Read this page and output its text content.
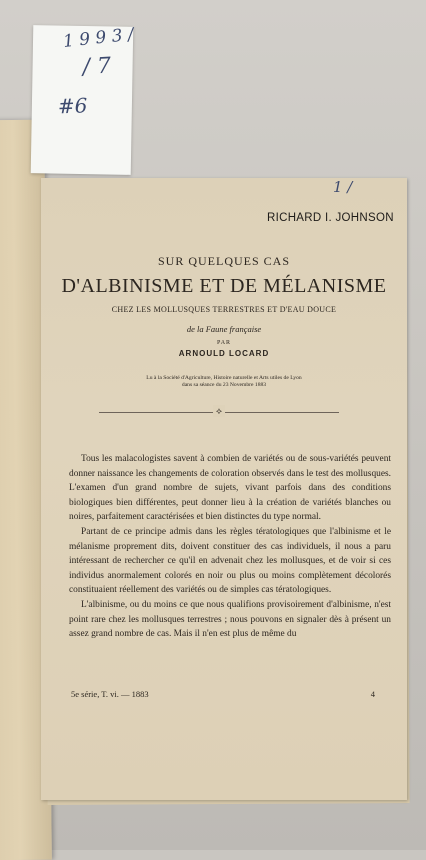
1 9 9 3 /
/ 7
#6
1 /
RICHARD I. JOHNSON
SUR QUELQUES CAS
D'ALBINISME ET DE MÉLANISME
CHEZ LES MOLLUSQUES TERRESTRES ET D'EAU DOUCE
de la Faune française
PAR
ARNOULD LOCARD
Lu à la Société d'Agriculture, Histoire naturelle et Arts utiles de Lyon
dans sa séance du 23 Novembre 1883
⟡

Tous les malacologistes savent à combien de variétés ou de sous-variétés peuvent donner naissance les changements de coloration observés dans le test des mollusques. L'examen d'un grand nombre de sujets, vivant parfois dans des conditions biologiques bien différentes, peut donner lieu à la création de variétés blanches ou noires, parfaitement caractérisées et bien distinctes du type normal.

Partant de ce principe admis dans les règles tératologiques que l'albinisme et le mélanisme proprement dits, doivent constituer des cas individuels, il nous a paru intéressant de rechercher ce qu'il en advenait chez les mollusques, et de voir si ces individus anormalement colorés en noir ou plus ou moins complètement décolorés constituaient réellement des variétés ou de simples cas tératologiques.

L'albinisme, ou du moins ce que nous qualifions provisoirement d'albinisme, n'est point rare chez les mollusques terrestres ; nous pouvons en signaler dès à présent un assez grand nombre de cas. Mais il n'en est plus de même du

5e série, T. vi. — 1883	4
